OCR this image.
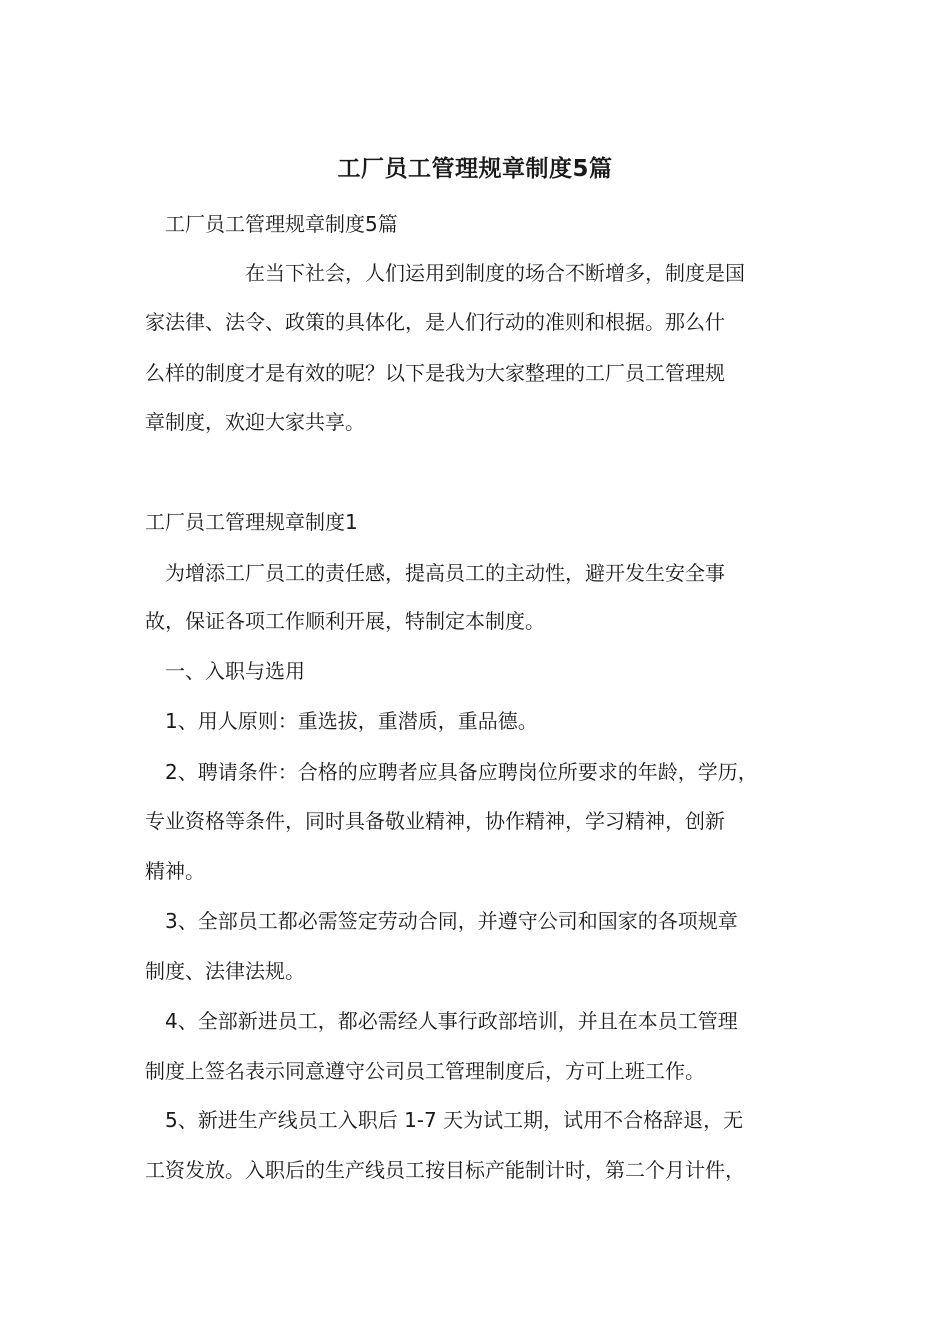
工厂员工管理规章制度5篇
工厂员工管理规章制度5篇
在当下社会，人们运用到制度的场合不断增多，制度是国
家法律、法令、政策的具体化，是人们行动的准则和根据。那么什
么样的制度才是有效的呢？以下是我为大家整理的工厂员工管理规
章制度，欢迎大家共享。
工厂员工管理规章制度1
为增添工厂员工的责任感，提高员工的主动性，避开发生安全事
故，保证各项工作顺利开展，特制定本制度。
一、入职与选用
1、用人原则：重选拔，重潜质，重品德。
2、聘请条件：合格的应聘者应具备应聘岗位所要求的年龄，学历，
专业资格等条件，同时具备敬业精神，协作精神，学习精神，创新
精神。
3、全部员工都必需签定劳动合同，并遵守公司和国家的各项规章
制度、法律法规。
4、全部新进员工，都必需经人事行政部培训，并且在本员工管理
制度上签名表示同意遵守公司员工管理制度后，方可上班工作。
5、新进生产线员工入职后 1-7 天为试工期，试用不合格辞退，无
工资发放。入职后的生产线员工按目标产能制计时，第二个月计件，
